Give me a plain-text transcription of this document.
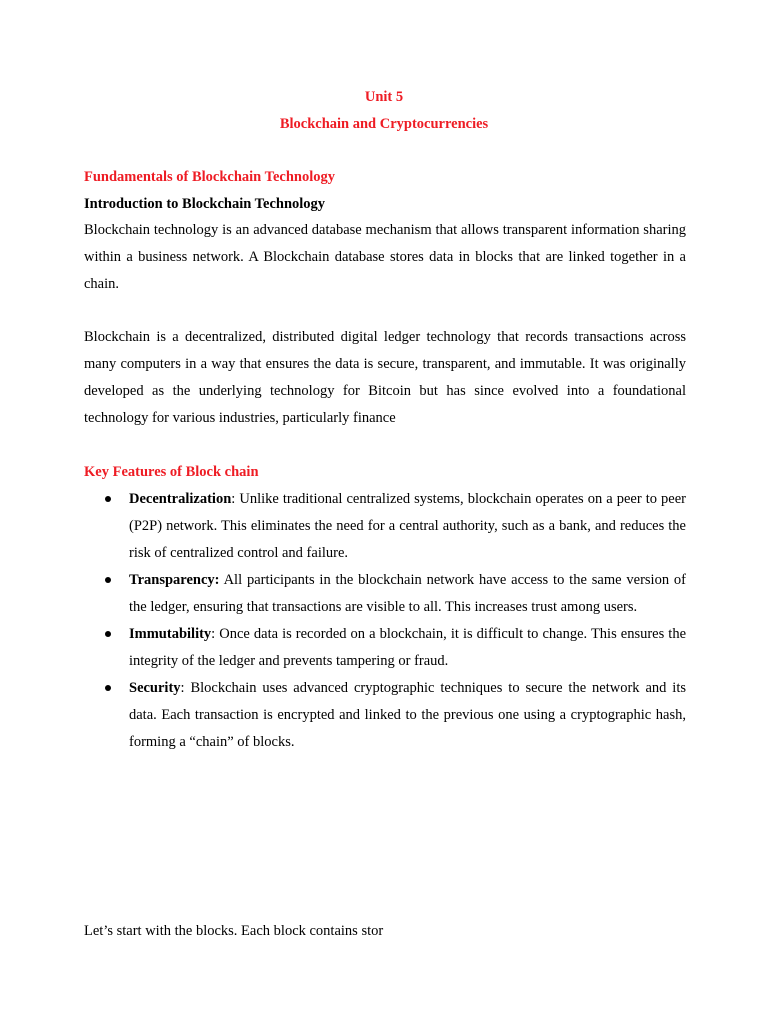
Unit 5
Blockchain and Cryptocurrencies
Fundamentals of Blockchain Technology
Introduction to Blockchain Technology

Blockchain technology is an advanced database mechanism that allows transparent information sharing within a business network. A Blockchain database stores data in blocks that are linked together in a chain.

Blockchain is a decentralized, distributed digital ledger technology that records transactions across many computers in a way that ensures the data is secure, transparent, and immutable. It was originally developed as the underlying technology for Bitcoin but has since evolved into a foundational technology for various industries, particularly finance

Key Features of Block chain
Decentralization: Unlike traditional centralized systems, blockchain operates on a peer to peer (P2P) network. This eliminates the need for a central authority, such as a bank, and reduces the risk of centralized control and failure.
Transparency: All participants in the blockchain network have access to the same version of the ledger, ensuring that transactions are visible to all. This increases trust among users.
Immutability: Once data is recorded on a blockchain, it is difficult to change. This ensures the integrity of the ledger and prevents tampering or fraud.
Security: Blockchain uses advanced cryptographic techniques to secure the network and its data. Each transaction is encrypted and linked to the previous one using a cryptographic hash, forming a “chain” of blocks.
Let’s start with the blocks. Each block contains stor
